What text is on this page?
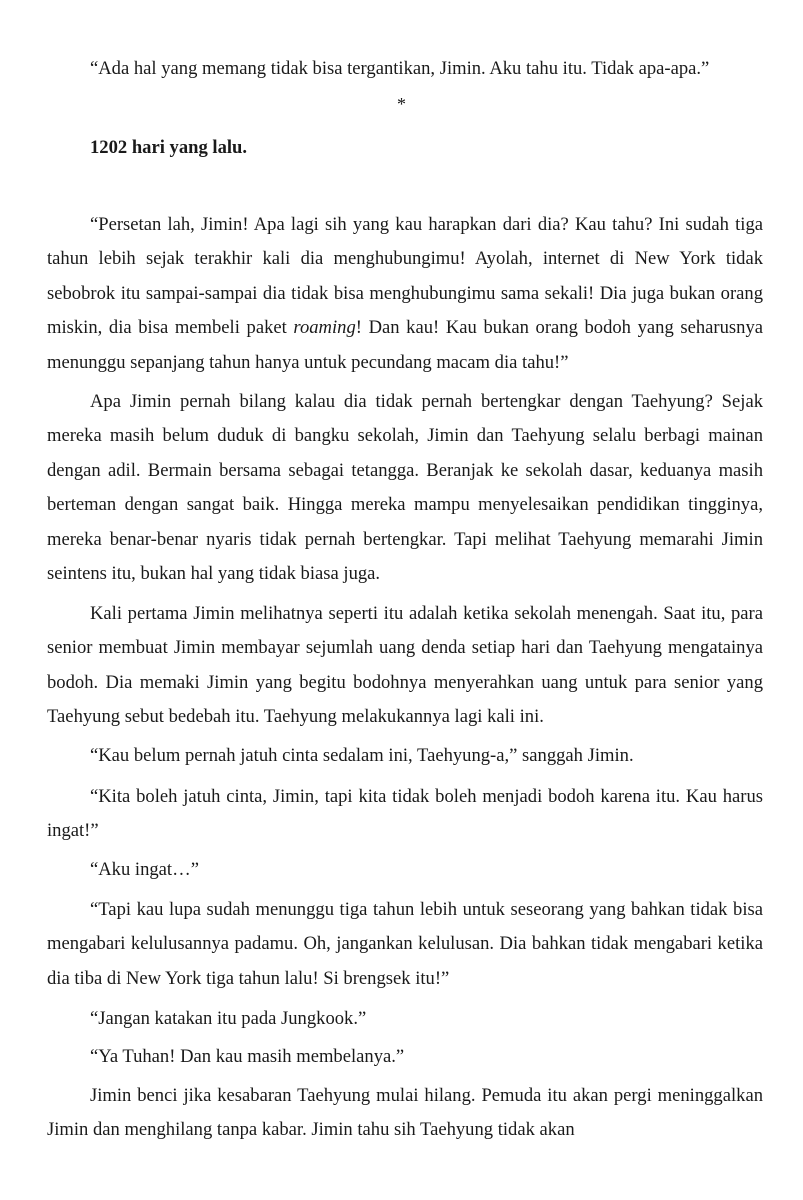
“Ada hal yang memang tidak bisa tergantikan, Jimin. Aku tahu itu. Tidak apa-apa.”

*
1202 hari yang lalu.

“Persetan lah, Jimin! Apa lagi sih yang kau harapkan dari dia? Kau tahu? Ini sudah tiga tahun lebih sejak terakhir kali dia menghubungimu! Ayolah, internet di New York tidak sebobrok itu sampai-sampai dia tidak bisa menghubungimu sama sekali! Dia juga bukan orang miskin, dia bisa membeli paket roaming! Dan kau! Kau bukan orang bodoh yang seharusnya menunggu sepanjang tahun hanya untuk pecundang macam dia tahu!”

Apa Jimin pernah bilang kalau dia tidak pernah bertengkar dengan Taehyung? Sejak mereka masih belum duduk di bangku sekolah, Jimin dan Taehyung selalu berbagi mainan dengan adil. Bermain bersama sebagai tetangga. Beranjak ke sekolah dasar, keduanya masih berteman dengan sangat baik. Hingga mereka mampu menyelesaikan pendidikan tingginya, mereka benar-benar nyaris tidak pernah bertengkar. Tapi melihat Taehyung memarahi Jimin seintens itu, bukan hal yang tidak biasa juga.

Kali pertama Jimin melihatnya seperti itu adalah ketika sekolah menengah. Saat itu, para senior membuat Jimin membayar sejumlah uang denda setiap hari dan Taehyung mengatainya bodoh. Dia memaki Jimin yang begitu bodohnya menyerahkan uang untuk para senior yang Taehyung sebut bedebah itu. Taehyung melakukannya lagi kali ini.

“Kau belum pernah jatuh cinta sedalam ini, Taehyung-a,” sanggah Jimin.

“Kita boleh jatuh cinta, Jimin, tapi kita tidak boleh menjadi bodoh karena itu. Kau harus ingat!”

“Aku ingat…”

“Tapi kau lupa sudah menunggu tiga tahun lebih untuk seseorang yang bahkan tidak bisa mengabari kelulusannya padamu. Oh, jangankan kelulusan. Dia bahkan tidak mengabari ketika dia tiba di New York tiga tahun lalu! Si brengsek itu!”

“Jangan katakan itu pada Jungkook.”

“Ya Tuhan! Dan kau masih membelanya.”

Jimin benci jika kesabaran Taehyung mulai hilang. Pemuda itu akan pergi meninggalkan Jimin dan menghilang tanpa kabar. Jimin tahu sih Taehyung tidak akan
